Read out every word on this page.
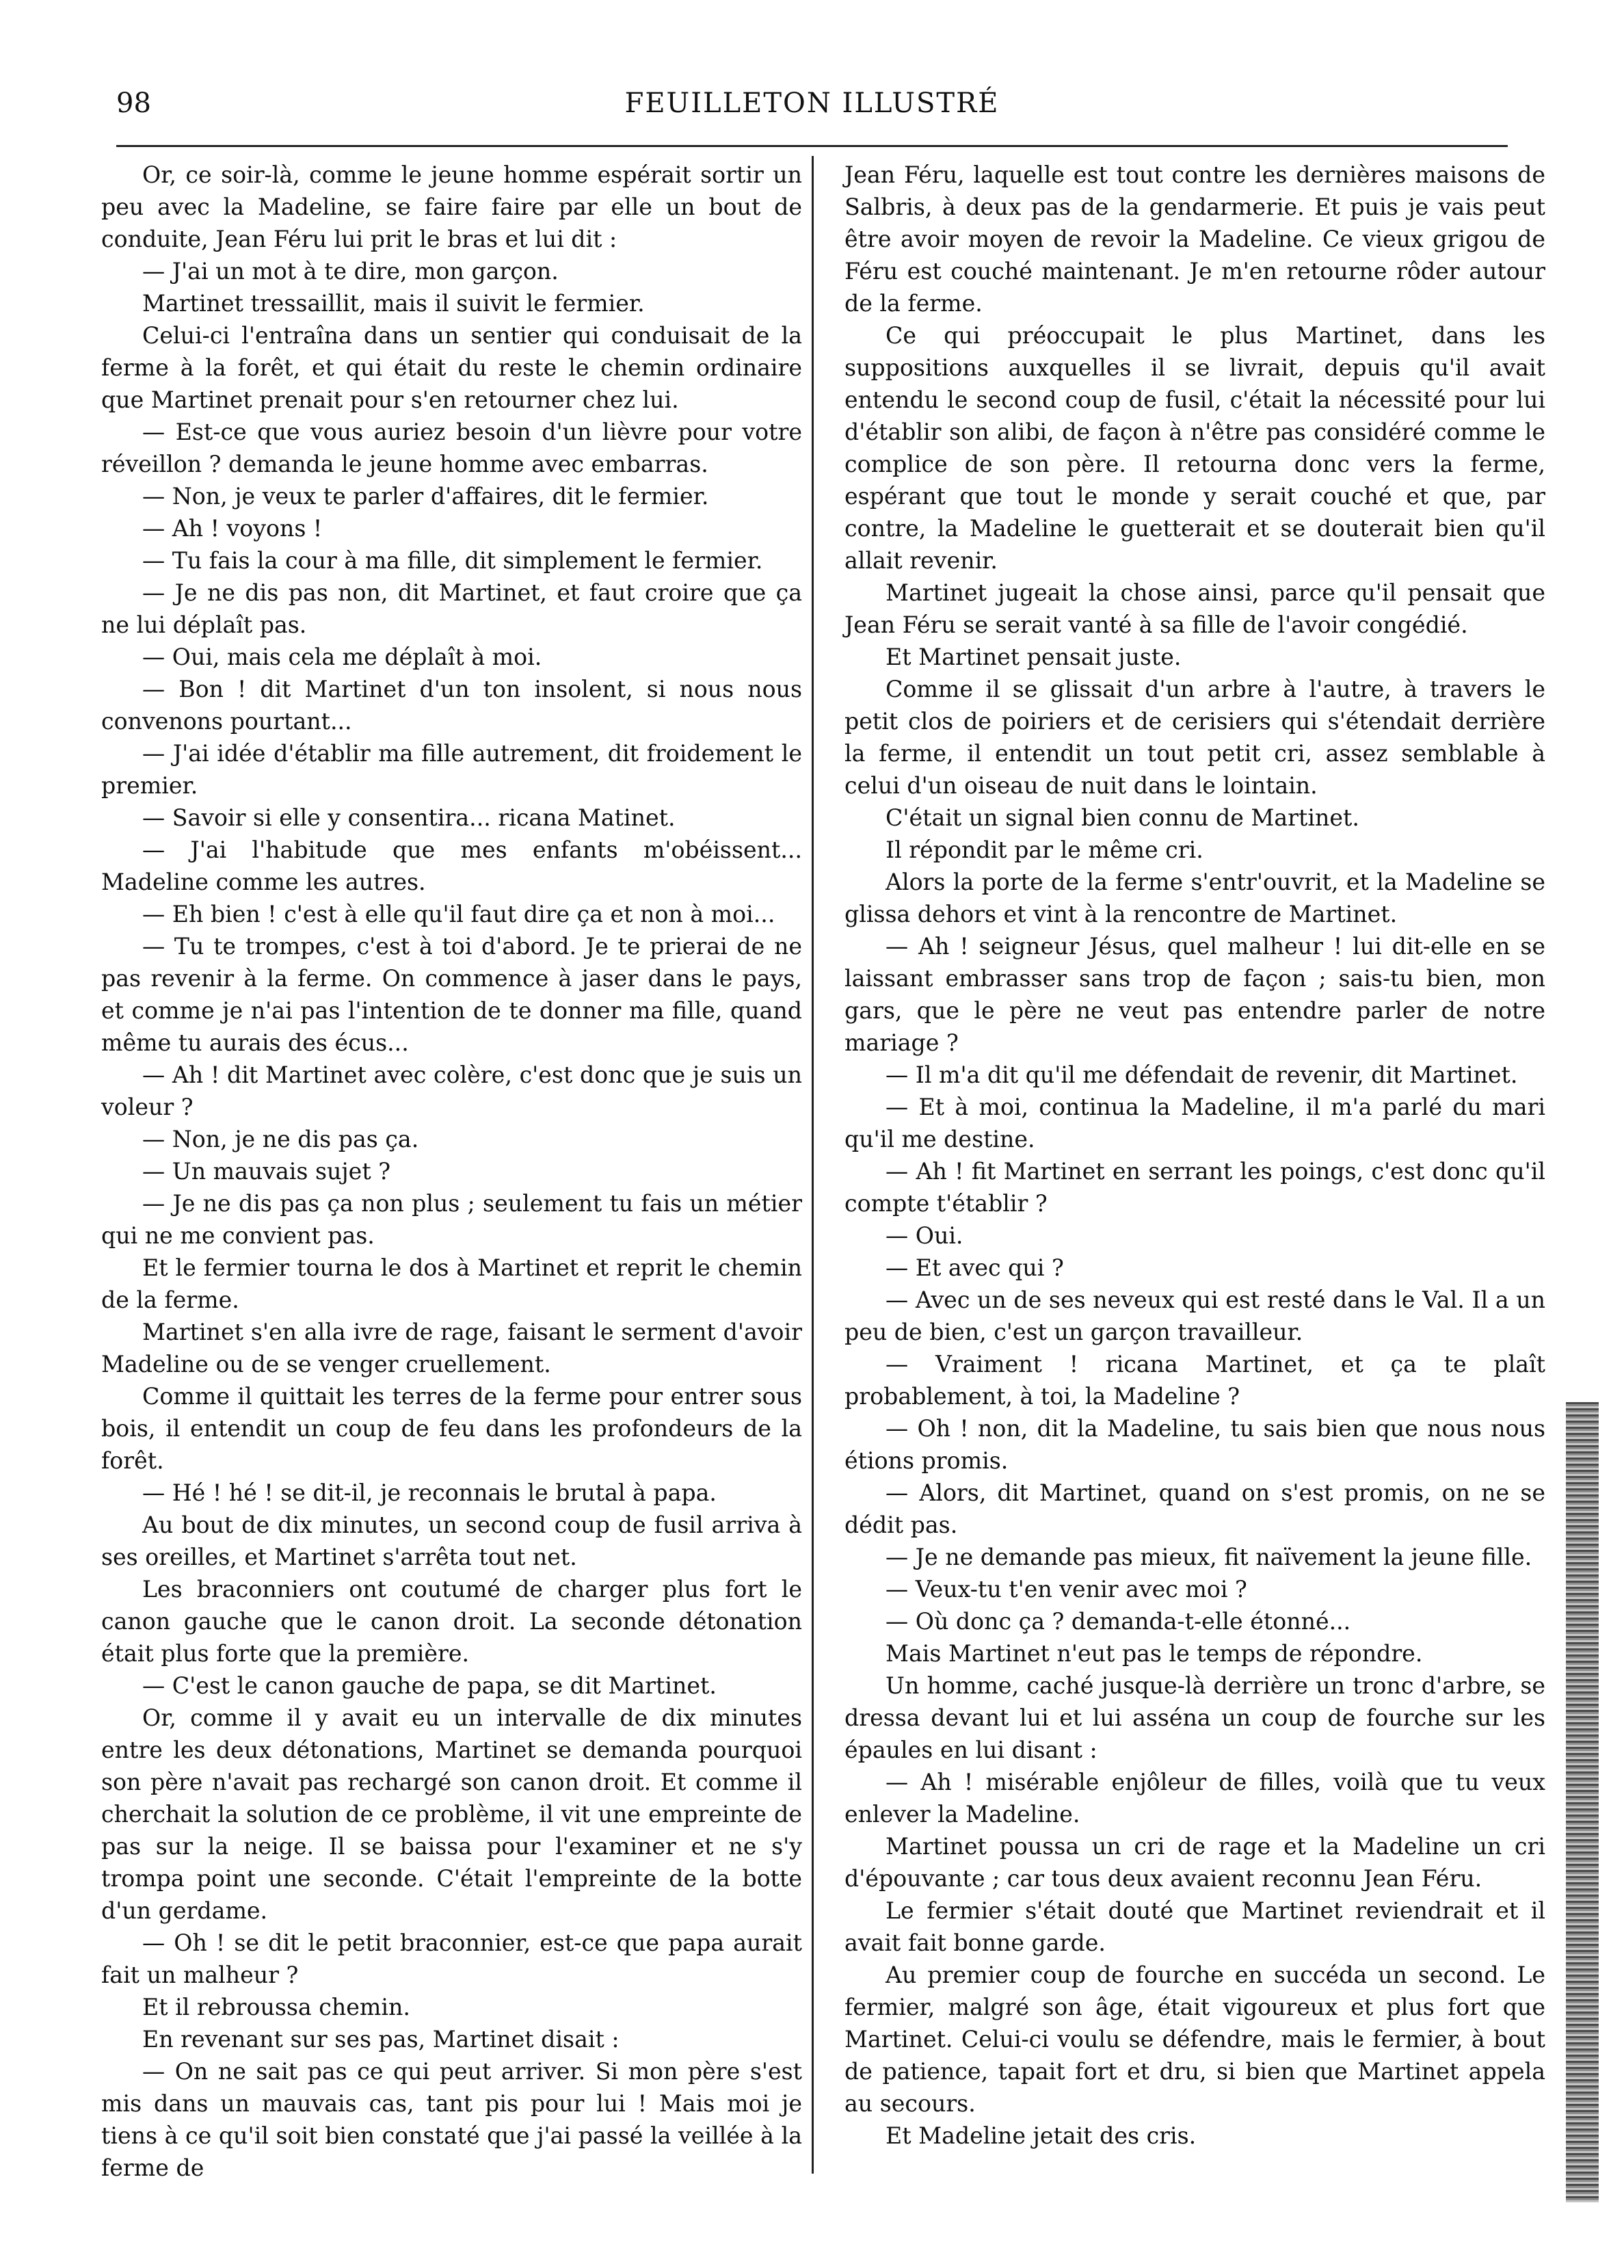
98	FEUILLETON ILLUSTRÉ

Or, ce soir-là, comme le jeune homme espérait sortir un peu avec la Madeline, se faire faire par elle un bout de conduite, Jean Féru lui prit le bras et lui dit :

— J'ai un mot à te dire, mon garçon.

Martinet tressaillit, mais il suivit le fermier.

Celui-ci l'entraîna dans un sentier qui conduisait de la ferme à la forêt, et qui était du reste le chemin ordinaire que Martinet prenait pour s'en retourner chez lui.

— Est-ce que vous auriez besoin d'un lièvre pour votre réveillon ? demanda le jeune homme avec embarras.

— Non, je veux te parler d'affaires, dit le fermier.

— Ah ! voyons !

— Tu fais la cour à ma fille, dit simplement le fermier.

— Je ne dis pas non, dit Martinet, et faut croire que ça ne lui déplaît pas.

— Oui, mais cela me déplaît à moi.

— Bon ! dit Martinet d'un ton insolent, si nous nous convenons pourtant...

— J'ai idée d'établir ma fille autrement, dit froidement le premier.

— Savoir si elle y consentira... ricana Matinet.

— J'ai l'habitude que mes enfants m'obéissent... Madeline comme les autres.

— Eh bien ! c'est à elle qu'il faut dire ça et non à moi...

— Tu te trompes, c'est à toi d'abord. Je te prierai de ne pas revenir à la ferme. On commence à jaser dans le pays, et comme je n'ai pas l'intention de te donner ma fille, quand même tu aurais des écus...

— Ah ! dit Martinet avec colère, c'est donc que je suis un voleur ?

— Non, je ne dis pas ça.

— Un mauvais sujet ?

— Je ne dis pas ça non plus ; seulement tu fais un métier qui ne me convient pas.

Et le fermier tourna le dos à Martinet et reprit le chemin de la ferme.

Martinet s'en alla ivre de rage, faisant le serment d'avoir Madeline ou de se venger cruellement.

Comme il quittait les terres de la ferme pour entrer sous bois, il entendit un coup de feu dans les profondeurs de la forêt.

— Hé ! hé ! se dit-il, je reconnais le brutal à papa.

Au bout de dix minutes, un second coup de fusil arriva à ses oreilles, et Martinet s'arrêta tout net.

Les braconniers ont coutumé de charger plus fort le canon gauche que le canon droit. La seconde détonation était plus forte que la première.

— C'est le canon gauche de papa, se dit Martinet.

Or, comme il y avait eu un intervalle de dix minutes entre les deux détonations, Martinet se demanda pourquoi son père n'avait pas rechargé son canon droit. Et comme il cherchait la solution de ce problème, il vit une empreinte de pas sur la neige. Il se baissa pour l'examiner et ne s'y trompa point une seconde. C'était l'empreinte de la botte d'un gerdame.

— Oh ! se dit le petit braconnier, est-ce que papa aurait fait un malheur ?

Et il rebroussa chemin.

En revenant sur ses pas, Martinet disait :

— On ne sait pas ce qui peut arriver. Si mon père s'est mis dans un mauvais cas, tant pis pour lui ! Mais moi je tiens à ce qu'il soit bien constaté que j'ai passé la veillée à la ferme de

Jean Féru, laquelle est tout contre les dernières maisons de Salbris, à deux pas de la gendarmerie. Et puis je vais peut être avoir moyen de revoir la Madeline. Ce vieux grigou de Féru est couché maintenant. Je m'en retourne rôder autour de la ferme.

Ce qui préoccupait le plus Martinet, dans les suppositions auxquelles il se livrait, depuis qu'il avait entendu le second coup de fusil, c'était la nécessité pour lui d'établir son alibi, de façon à n'être pas considéré comme le complice de son père. Il retourna donc vers la ferme, espérant que tout le monde y serait couché et que, par contre, la Madeline le guetterait et se douterait bien qu'il allait revenir.

Martinet jugeait la chose ainsi, parce qu'il pensait que Jean Féru se serait vanté à sa fille de l'avoir congédié.

Et Martinet pensait juste.

Comme il se glissait d'un arbre à l'autre, à travers le petit clos de poiriers et de cerisiers qui s'étendait derrière la ferme, il entendit un tout petit cri, assez semblable à celui d'un oiseau de nuit dans le lointain.

C'était un signal bien connu de Martinet.

Il répondit par le même cri.

Alors la porte de la ferme s'entr'ouvrit, et la Madeline se glissa dehors et vint à la rencontre de Martinet.

— Ah ! seigneur Jésus, quel malheur ! lui dit-elle en se laissant embrasser sans trop de façon ; sais-tu bien, mon gars, que le père ne veut pas entendre parler de notre mariage ?

— Il m'a dit qu'il me défendait de revenir, dit Martinet.

— Et à moi, continua la Madeline, il m'a parlé du mari qu'il me destine.

— Ah ! fit Martinet en serrant les poings, c'est donc qu'il compte t'établir ?

— Oui.

— Et avec qui ?

— Avec un de ses neveux qui est resté dans le Val. Il a un peu de bien, c'est un garçon travailleur.

— Vraiment ! ricana Martinet, et ça te plaît probablement, à toi, la Madeline ?

— Oh ! non, dit la Madeline, tu sais bien que nous nous étions promis.

— Alors, dit Martinet, quand on s'est promis, on ne se dédit pas.

— Je ne demande pas mieux, fit naïvement la jeune fille.

— Veux-tu t'en venir avec moi ?

— Où donc ça ? demanda-t-elle étonné...

Mais Martinet n'eut pas le temps de répondre.

Un homme, caché jusque-là derrière un tronc d'arbre, se dressa devant lui et lui asséna un coup de fourche sur les épaules en lui disant :

— Ah ! misérable enjôleur de filles, voilà que tu veux enlever la Madeline.

Martinet poussa un cri de rage et la Madeline un cri d'épouvante ; car tous deux avaient reconnu Jean Féru.

Le fermier s'était douté que Martinet reviendrait et il avait fait bonne garde.

Au premier coup de fourche en succéda un second. Le fermier, malgré son âge, était vigoureux et plus fort que Martinet. Celui-ci voulu se défendre, mais le fermier, à bout de patience, tapait fort et dru, si bien que Martinet appela au secours.

Et Madeline jetait des cris.
